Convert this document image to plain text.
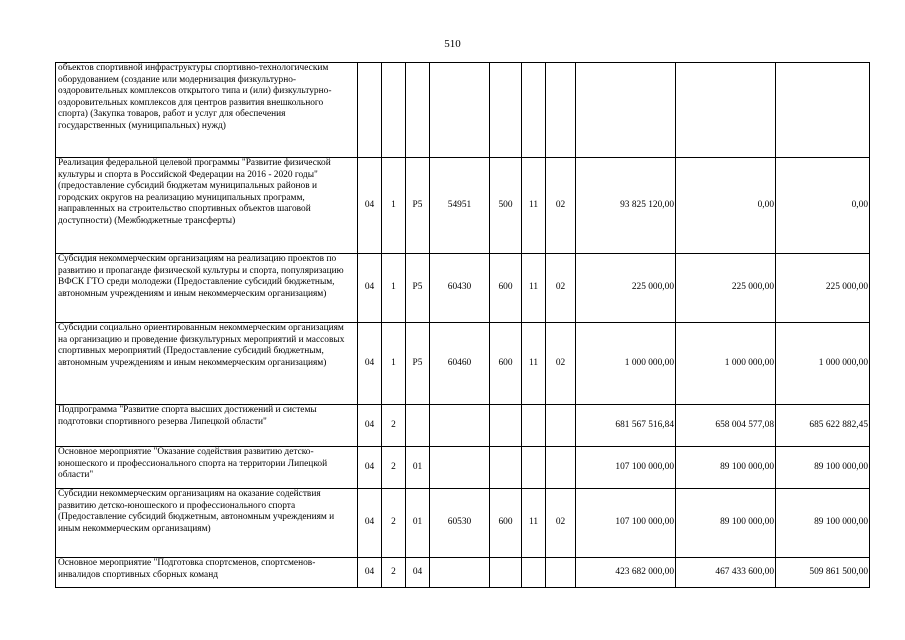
510
объектов спортивной инфраструктуры спортивно-технологическим оборудованием (создание или модернизация физкультурно-оздоровительных комплексов открытого типа и (или) физкультурно-оздоровительных комплексов для центров развития внешкольного спорта) (Закупка товаров, работ и услуг для обеспечения государственных (муниципальных) нужд)										
Реализация федеральной целевой программы "Развитие физической культуры и спорта в Российской Федерации на 2016 - 2020 годы" (предоставление субсидий бюджетам муниципальных районов и городских округов на реализацию муниципальных программ, направленных на строительство спортивных объектов шаговой доступности) (Межбюджетные трансферты)	04	1	P5	54951	500	11	02	93 825 120,00	0,00	0,00
Субсидия некоммерческим организациям на реализацию проектов по развитию и пропаганде физической культуры и спорта, популяризацию ВФСК ГТО среди молодежи (Предоставление субсидий бюджетным, автономным учреждениям и иным некоммерческим организациям)	04	1	P5	60430	600	11	02	225 000,00	225 000,00	225 000,00
Субсидии социально ориентированным некоммерческим организациям на организацию и проведение физкультурных мероприятий и массовых спортивных мероприятий (Предоставление субсидий бюджетным, автономным учреждениям и иным некоммерческим организациям)	04	1	P5	60460	600	11	02	1 000 000,00	1 000 000,00	1 000 000,00
Подпрограмма "Развитие спорта высших достижений и системы подготовки спортивного резерва Липецкой области"	04	2						681 567 516,84	658 004 577,08	685 622 882,45
Основное мероприятие "Оказание содействия развитию детско-юношеского и профессионального спорта на территории Липецкой области"	04	2	01					107 100 000,00	89 100 000,00	89 100 000,00
Субсидии некоммерческим организациям на оказание содействия развитию детско-юношеского и профессионального спорта (Предоставление субсидий бюджетным, автономным учреждениям и иным некоммерческим организациям)	04	2	01	60530	600	11	02	107 100 000,00	89 100 000,00	89 100 000,00
Основное мероприятие "Подготовка спортсменов, спортсменов-инвалидов спортивных сборных команд	04	2	04					423 682 000,00	467 433 600,00	509 861 500,00
